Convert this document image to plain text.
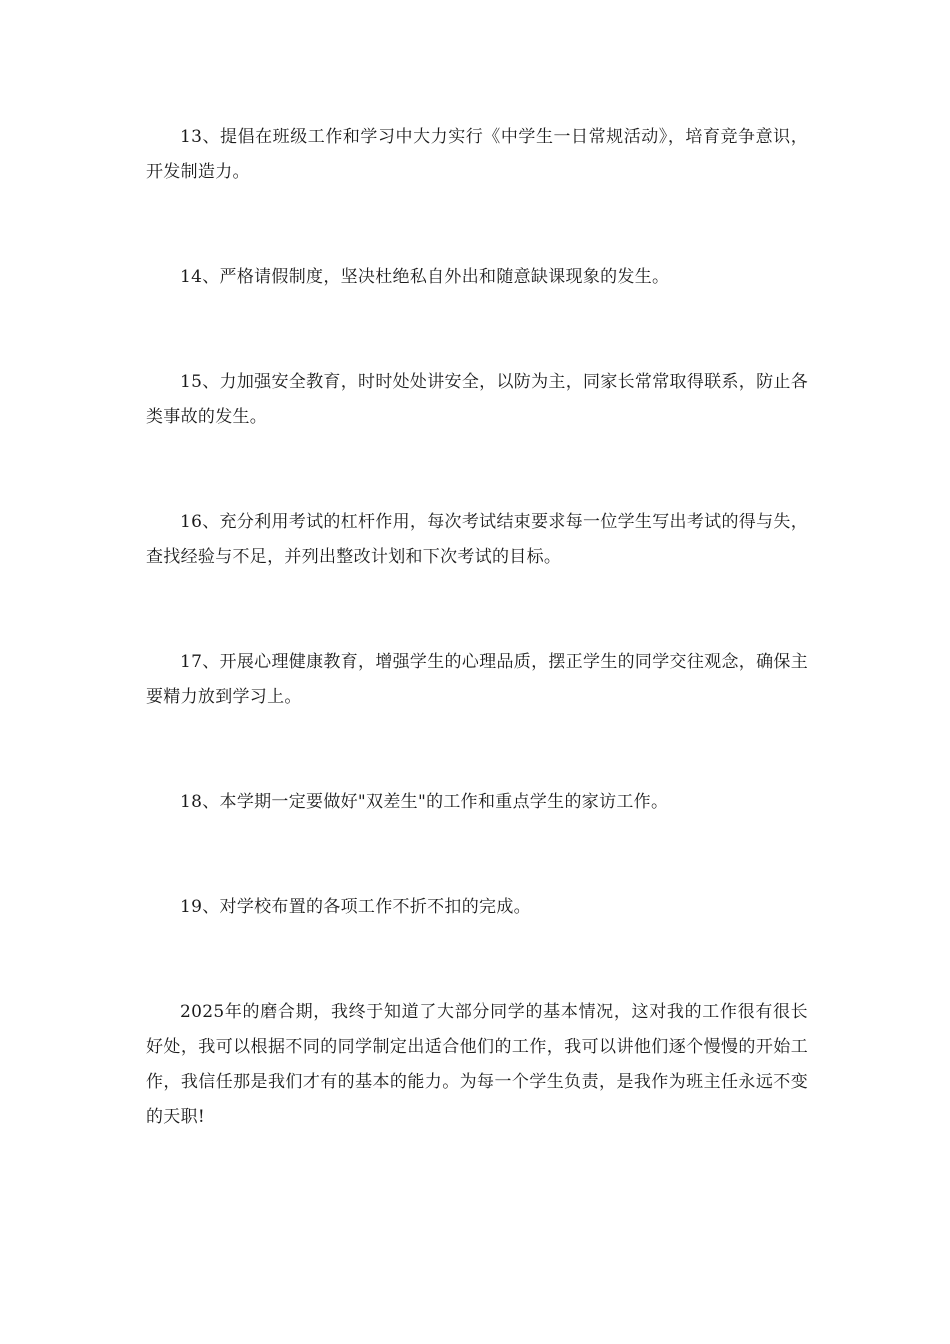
13、提倡在班级工作和学习中大力实行《中学生一日常规活动》，培育竞争意识，开发制造力。

14、严格请假制度，坚决杜绝私自外出和随意缺课现象的发生。

15、力加强安全教育，时时处处讲安全，以防为主，同家长常常取得联系，防止各类事故的发生。

16、充分利用考试的杠杆作用，每次考试结束要求每一位学生写出考试的得与失，查找经验与不足，并列出整改计划和下次考试的目标。

17、开展心理健康教育，增强学生的心理品质，摆正学生的同学交往观念，确保主要精力放到学习上。

18、本学期一定要做好"双差生"的工作和重点学生的家访工作。

19、对学校布置的各项工作不折不扣的完成。

2025年的磨合期，我终于知道了大部分同学的基本情况，这对我的工作很有很长好处，我可以根据不同的同学制定出适合他们的工作，我可以讲他们逐个慢慢的开始工作，我信任那是我们才有的基本的能力。为每一个学生负责，是我作为班主任永远不变的天职!
